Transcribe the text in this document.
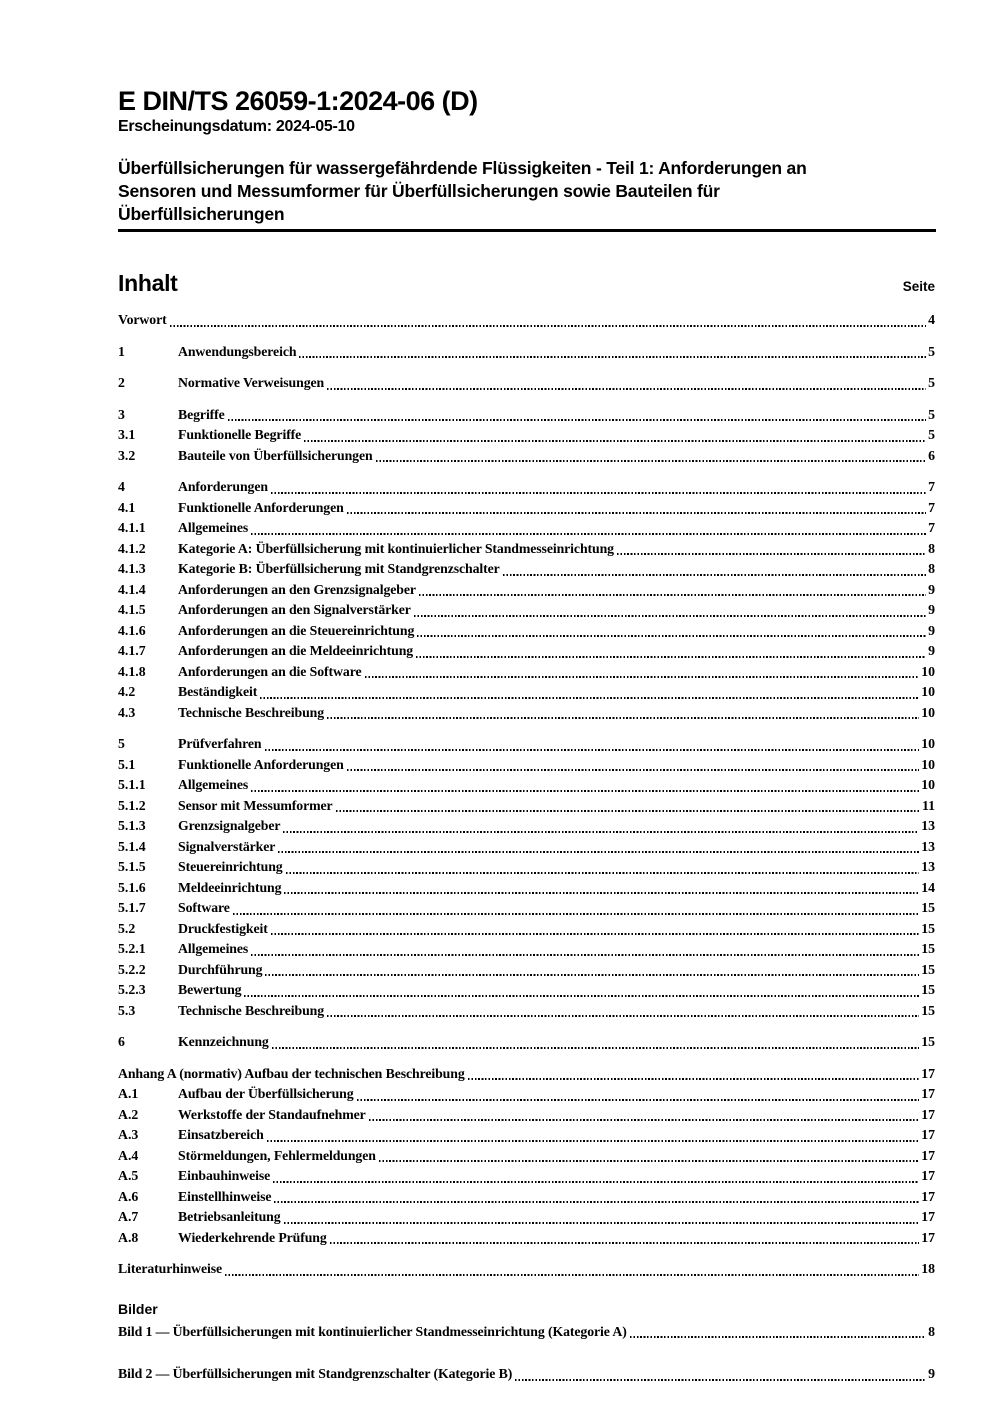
E DIN/TS 26059-1:2024-06 (D)
Erscheinungsdatum: 2024-05-10
Überfüllsicherungen für wassergefährdende Flüssigkeiten - Teil 1: Anforderungen an
Sensoren und Messumformer für Überfüllsicherungen sowie Bauteilen für
Überfüllsicherungen
Inhalt	Seite
Vorwort	4
1	Anwendungsbereich	5
2	Normative Verweisungen	5
3	Begriffe	5
3.1	Funktionelle Begriffe	5
3.2	Bauteile von Überfüllsicherungen	6
4	Anforderungen	7
4.1	Funktionelle Anforderungen	7
4.1.1	Allgemeines	7
4.1.2	Kategorie A: Überfüllsicherung mit kontinuierlicher Standmesseinrichtung	8
4.1.3	Kategorie B: Überfüllsicherung mit Standgrenzschalter	8
4.1.4	Anforderungen an den Grenzsignalgeber	9
4.1.5	Anforderungen an den Signalverstärker	9
4.1.6	Anforderungen an die Steuereinrichtung	9
4.1.7	Anforderungen an die Meldeeinrichtung	9
4.1.8	Anforderungen an die Software	10
4.2	Beständigkeit	10
4.3	Technische Beschreibung	10
5	Prüfverfahren	10
5.1	Funktionelle Anforderungen	10
5.1.1	Allgemeines	10
5.1.2	Sensor mit Messumformer	11
5.1.3	Grenzsignalgeber	13
5.1.4	Signalverstärker	13
5.1.5	Steuereinrichtung	13
5.1.6	Meldeeinrichtung	14
5.1.7	Software	15
5.2	Druckfestigkeit	15
5.2.1	Allgemeines	15
5.2.2	Durchführung	15
5.2.3	Bewertung	15
5.3	Technische Beschreibung	15
6	Kennzeichnung	15
Anhang A (normativ) Aufbau der technischen Beschreibung	17
A.1	Aufbau der Überfüllsicherung	17
A.2	Werkstoffe der Standaufnehmer	17
A.3	Einsatzbereich	17
A.4	Störmeldungen, Fehlermeldungen	17
A.5	Einbauhinweise	17
A.6	Einstellhinweise	17
A.7	Betriebsanleitung	17
A.8	Wiederkehrende Prüfung	17
Literaturhinweise	18
Bilder
Bild 1 — Überfüllsicherungen mit kontinuierlicher Standmesseinrichtung (Kategorie A)	8
Bild 2 — Überfüllsicherungen mit Standgrenzschalter (Kategorie B)	9
